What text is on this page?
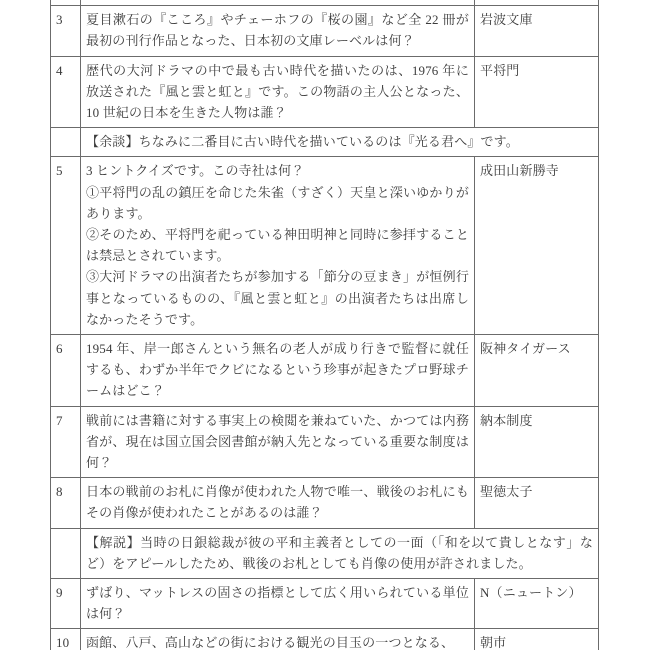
3	夏目漱石の『こころ』やチェーホフの『桜の園』など全 22 冊が最初の刊行作品となった、日本初の文庫レーベルは何？	岩波文庫
4	歴代の大河ドラマの中で最も古い時代を描いたのは、1976 年に放送された『風と雲と虹と』です。この物語の主人公となった、10 世紀の日本を生きた人物は誰？	平将門
	【余談】ちなみに二番目に古い時代を描いているのは『光る君へ』です。	
5	3 ヒントクイズです。この寺社は何？
①平将門の乱の鎮圧を命じた朱雀（すざく）天皇と深いゆかりがあります。
②そのため、平将門を祀っている神田明神と同時に参拝することは禁忌とされています。
③大河ドラマの出演者たちが参加する「節分の豆まき」が恒例行事となっているものの、『風と雲と虹と』の出演者たちは出席しなかったそうです。	成田山新勝寺
6	1954 年、岸一郎さんという無名の老人が成り行きで監督に就任するも、わずか半年でクビになるという珍事が起きたプロ野球チームはどこ？	阪神タイガース
7	戦前には書籍に対する事実上の検閲を兼ねていた、かつては内務省が、現在は国立国会図書館が納入先となっている重要な制度は何？	納本制度
8	日本の戦前のお札に肖像が使われた人物で唯一、戦後のお札にもその肖像が使われたことがあるのは誰？	聖徳太子
	【解説】当時の日銀総裁が彼の平和主義者としての一面（「和を以て貴しとなす」など）をアピールしたため、戦後のお札としても肖像の使用が許されました。	
9	ずばり、マットレスの固さの指標として広く用いられている単位は何？	N（ニュートン）
10	函館、八戸、高山などの街における観光の目玉の一つとなる、	朝市
